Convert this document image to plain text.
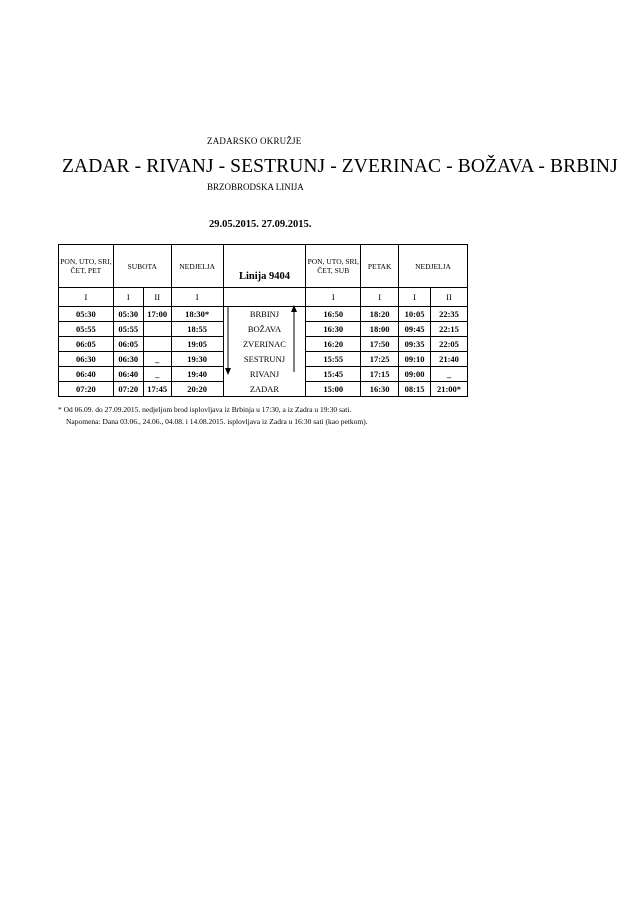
ZADARSKO OKRUŽJE
ZADAR - RIVANJ - SESTRUNJ - ZVERINAC - BOŽAVA - BRBINJ
BRZOBRODSKA LINIJA
29.05.2015. 27.09.2015.
PON, UTO, SRI, ČET, PET	SUBOTA		NEDJELJA	Linija 9404	PON, UTO, SRI, ČET, SUB	PETAK	NEDJELJA	
I	I	II	I		I	I	I	II
05:30	05:30	17:00	18:30*	BRBINJ	16:50	18:20	10:05	22:35
05:55	05:55		18:55	BOŽAVA	16:30	18:00	09:45	22:15
06:05	06:05		19:05	ZVERINAC	16:20	17:50	09:35	22:05
06:30	06:30	_	19:30	SESTRUNJ	15:55	17:25	09:10	21:40
06:40	06:40	_	19:40	RIVANJ	15:45	17:15	09:00	_
07:20	07:20	17:45	20:20	ZADAR	15:00	16:30	08:15	21:00*
* Od 06.09. do 27.09.2015. nedjeljom brod isplovljava iz Brbinja u 17:30, a iz Zadra u 19:30 sati.
Napomena: Dana 03.06., 24.06., 04.08. i 14.08.2015. isplovljava iz Zadra u 16:30 sati (kao petkom).
